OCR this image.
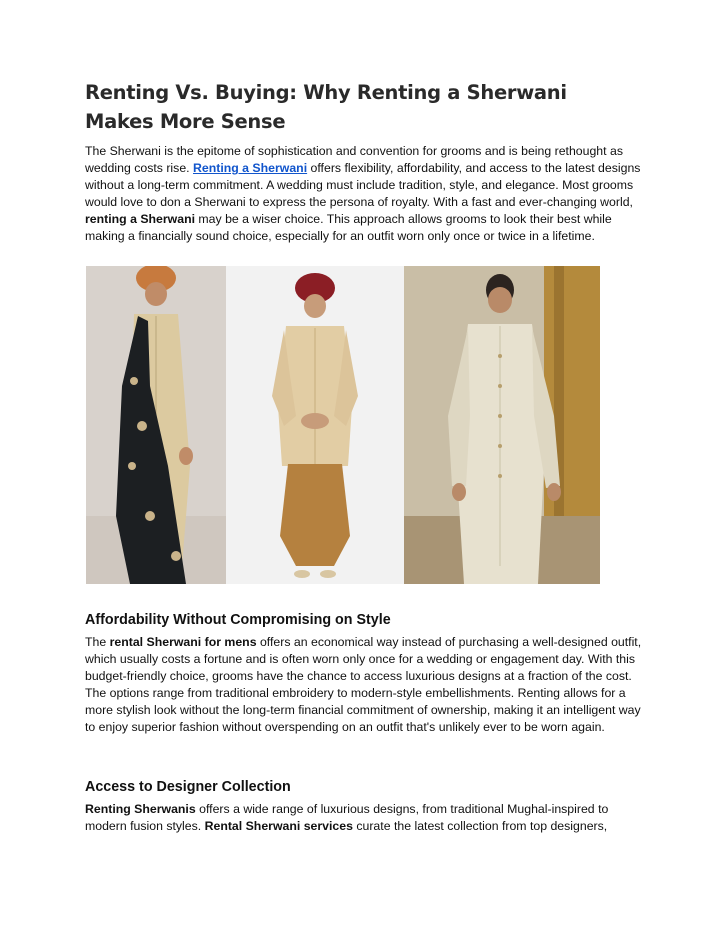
Renting Vs. Buying: Why Renting a Sherwani Makes More Sense

The Sherwani is the epitome of sophistication and convention for grooms and is being rethought as wedding costs rise. Renting a Sherwani offers flexibility, affordability, and access to the latest designs without a long-term commitment. A wedding must include tradition, style, and elegance. Most grooms would love to don a Sherwani to express the persona of royalty. With a fast and ever-changing world, renting a Sherwani may be a wiser choice. This approach allows grooms to look their best while making a financially sound choice, especially for an outfit worn only once or twice in a lifetime.

Affordability Without Compromising on Style

The rental Sherwani for mens offers an economical way instead of purchasing a well-designed outfit, which usually costs a fortune and is often worn only once for a wedding or engagement day. With this budget-friendly choice, grooms have the chance to access luxurious designs at a fraction of the cost. The options range from traditional embroidery to modern-style embellishments. Renting allows for a more stylish look without the long-term financial commitment of ownership, making it an intelligent way to enjoy superior fashion without overspending on an outfit that's unlikely ever to be worn again.

Access to Designer Collection

Renting Sherwanis offers a wide range of luxurious designs, from traditional Mughal-inspired to modern fusion styles. Rental Sherwani services curate the latest collection from top designers,
